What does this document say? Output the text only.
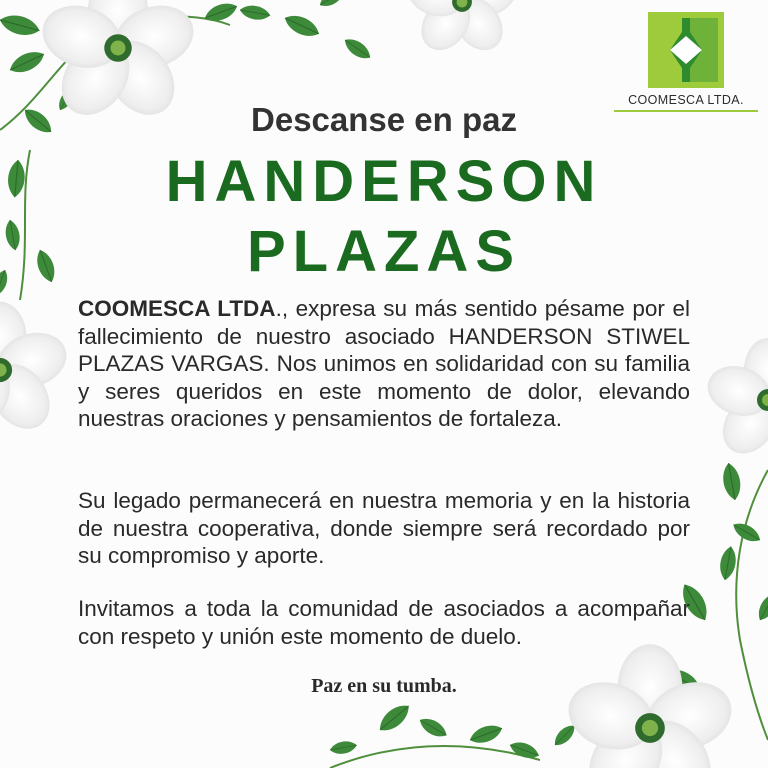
COOMESCA LTDA.
Descanse en paz
HANDERSON
PLAZAS

COOMESCA LTDA., expresa su más sentido pésame por el fallecimiento de nuestro asociado HANDERSON STIWEL PLAZAS VARGAS. Nos unimos en solidaridad con su familia y seres queridos en este momento de dolor, elevando nuestras oraciones y pensamientos de fortaleza.

Su legado permanecerá en nuestra memoria y en la historia de nuestra cooperativa, donde siempre será recordado por su compromiso y aporte.

Invitamos a toda la comunidad de asociados a acompañar con respeto y unión este momento de duelo.

Paz en su tumba.
